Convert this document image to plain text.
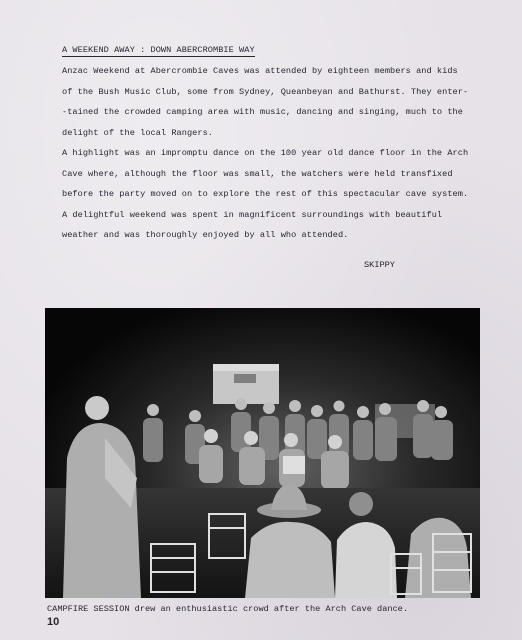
A WEEKEND AWAY : DOWN ABERCROMBIE WAY

Anzac Weekend at Abercrombie Caves was attended by eighteen members and kids
of the Bush Music Club, some from Sydney, Queanbeyan and Bathurst. They enter-
-tained the crowded camping area with music, dancing and singing, much to the
delight of the local Rangers.

A highlight was an impromptu dance on the 100 year old dance floor in the Arch
Cave where, although the floor was small, the watchers were held transfixed
before the party moved on to explore the rest of this spectacular cave system.

A delightful weekend was spent in magnificent surroundings with beautiful
weather and was thoroughly enjoyed by all who attended.

SKIPPY
CAMPFIRE SESSION drew an enthusiastic crowd after the Arch Cave dance.
10
